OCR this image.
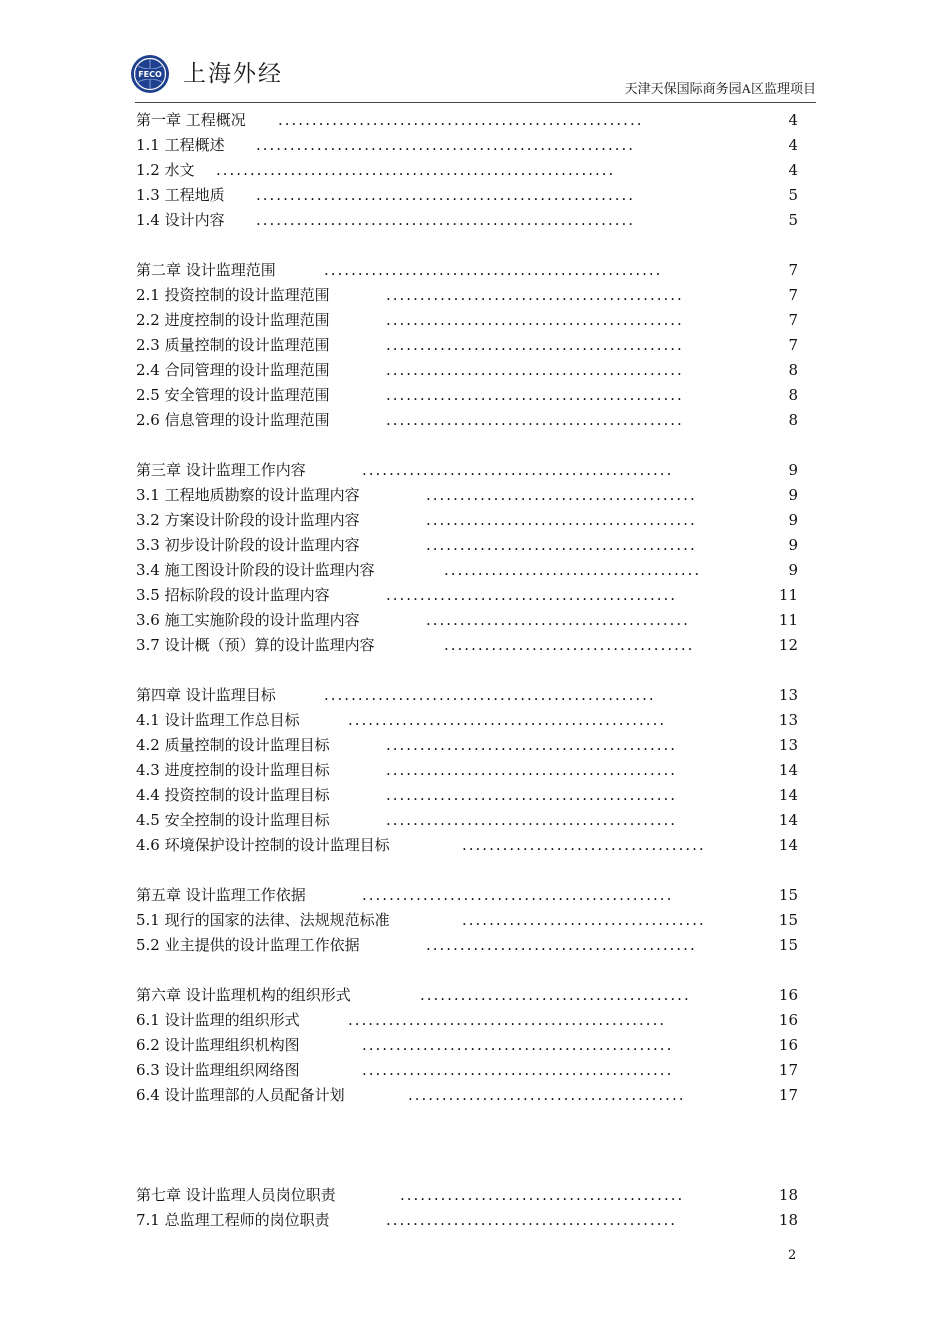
FECO 上海外经
天津天保国际商务园A区监理项目
第一章 工程概况 ......................................................	4
1.1 工程概述 ........................................................	4
1.2 水文 ...........................................................	4
1.3 工程地质 ........................................................	5
1.4 设计内容 ........................................................	5
第二章 设计监理范围	..................................................	7
2.1 投资控制的设计监理范围	............................................	7
2.2 进度控制的设计监理范围	............................................	7
2.3 质量控制的设计监理范围	............................................	7
2.4 合同管理的设计监理范围	............................................	8
2.5 安全管理的设计监理范围	............................................	8
2.6 信息管理的设计监理范围	............................................	8
第三章 设计监理工作内容	..............................................	9
3.1 工程地质勘察的设计监理内容	........................................	9
3.2 方案设计阶段的设计监理内容	........................................	9
3.3 初步设计阶段的设计监理内容	........................................	9
3.4 施工图设计阶段的设计监理内容	......................................	9
3.5 招标阶段的设计监理内容	...........................................	11
3.6 施工实施阶段的设计监理内容	.......................................	11
3.7 设计概（预）算的设计监理内容	.....................................	12
第四章 设计监理目标	.................................................	13
4.1 设计监理工作总目标	...............................................	13
4.2 质量控制的设计监理目标	...........................................	13
4.3 进度控制的设计监理目标	...........................................	14
4.4 投资控制的设计监理目标	...........................................	14
4.5 安全控制的设计监理目标	...........................................	14
4.6 环境保护设计控制的设计监理目标	....................................	14
第五章 设计监理工作依据	..............................................	15
5.1 现行的国家的法律、法规规范标准	....................................	15
5.2 业主提供的设计监理工作依据	........................................	15
第六章 设计监理机构的组织形式	........................................	16
6.1 设计监理的组织形式	...............................................	16
6.2 设计监理组织机构图	..............................................	16
6.3 设计监理组织网络图	..............................................	17
6.4 设计监理部的人员配备计划	.........................................	17
第七章 设计监理人员岗位职责	..........................................	18
7.1 总监理工程师的岗位职责	...........................................	18
2
